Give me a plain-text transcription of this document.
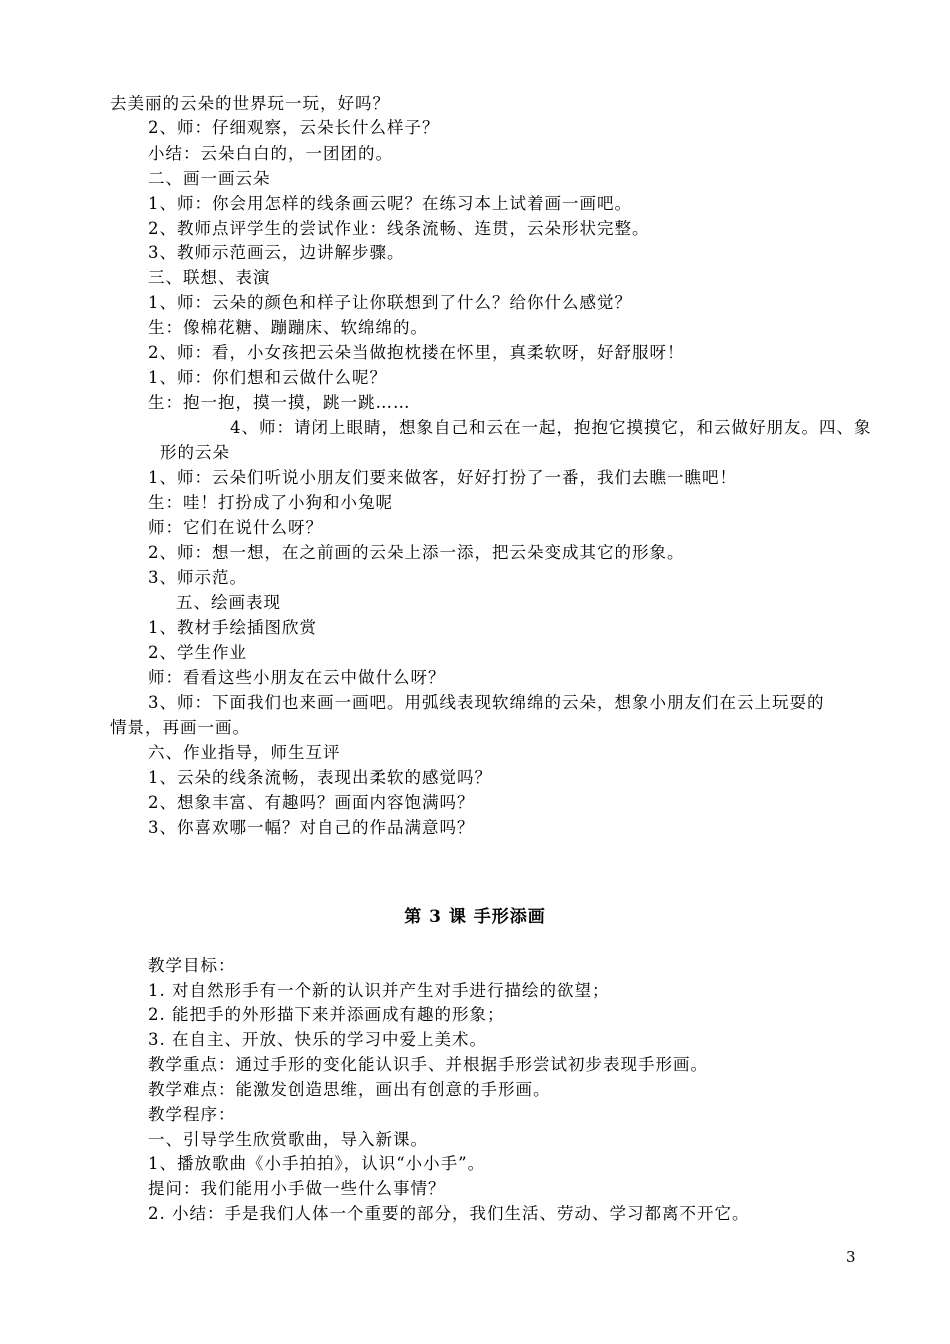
去美丽的云朵的世界玩一玩，好吗？
2、师：仔细观察，云朵长什么样子？
小结：云朵白白的，一团团的。
二、画一画云朵
1、师：你会用怎样的线条画云呢？在练习本上试着画一画吧。
2、教师点评学生的尝试作业：线条流畅、连贯，云朵形状完整。
3、教师示范画云，边讲解步骤。
三、联想、表演
1、师：云朵的颜色和样子让你联想到了什么？给你什么感觉？
生：像棉花糖、蹦蹦床、软绵绵的。
2、师：看，小女孩把云朵当做抱枕搂在怀里，真柔软呀，好舒服呀！
1、师：你们想和云做什么呢？
生：抱一抱，摸一摸，跳一跳……
4、师：请闭上眼睛，想象自己和云在一起，抱抱它摸摸它，和云做好朋友。四、象
形的云朵
1、师：云朵们听说小朋友们要来做客，好好打扮了一番，我们去瞧一瞧吧！
生：哇！打扮成了小狗和小兔呢
师：它们在说什么呀？
2、师：想一想，在之前画的云朵上添一添，把云朵变成其它的形象。
3、师示范。
五、绘画表现
1、教材手绘插图欣赏
2、学生作业
师：看看这些小朋友在云中做什么呀？
3、师：下面我们也来画一画吧。用弧线表现软绵绵的云朵，想象小朋友们在云上玩耍的
情景，再画一画。
六、作业指导，师生互评
1、云朵的线条流畅，表现出柔软的感觉吗？
2、想象丰富、有趣吗？画面内容饱满吗？
3、你喜欢哪一幅？对自己的作品满意吗？
第 3 课 手形添画
教学目标：
1. 对自然形手有一个新的认识并产生对手进行描绘的欲望；
2. 能把手的外形描下来并添画成有趣的形象；
3. 在自主、开放、快乐的学习中爱上美术。
教学重点：通过手形的变化能认识手、并根据手形尝试初步表现手形画。
教学难点：能激发创造思维，画出有创意的手形画。
教学程序：
一、引导学生欣赏歌曲，导入新课。
1、播放歌曲《小手拍拍》，认识“小小手”。
提问：我们能用小手做一些什么事情？
2. 小结：手是我们人体一个重要的部分，我们生活、劳动、学习都离不开它。
3
